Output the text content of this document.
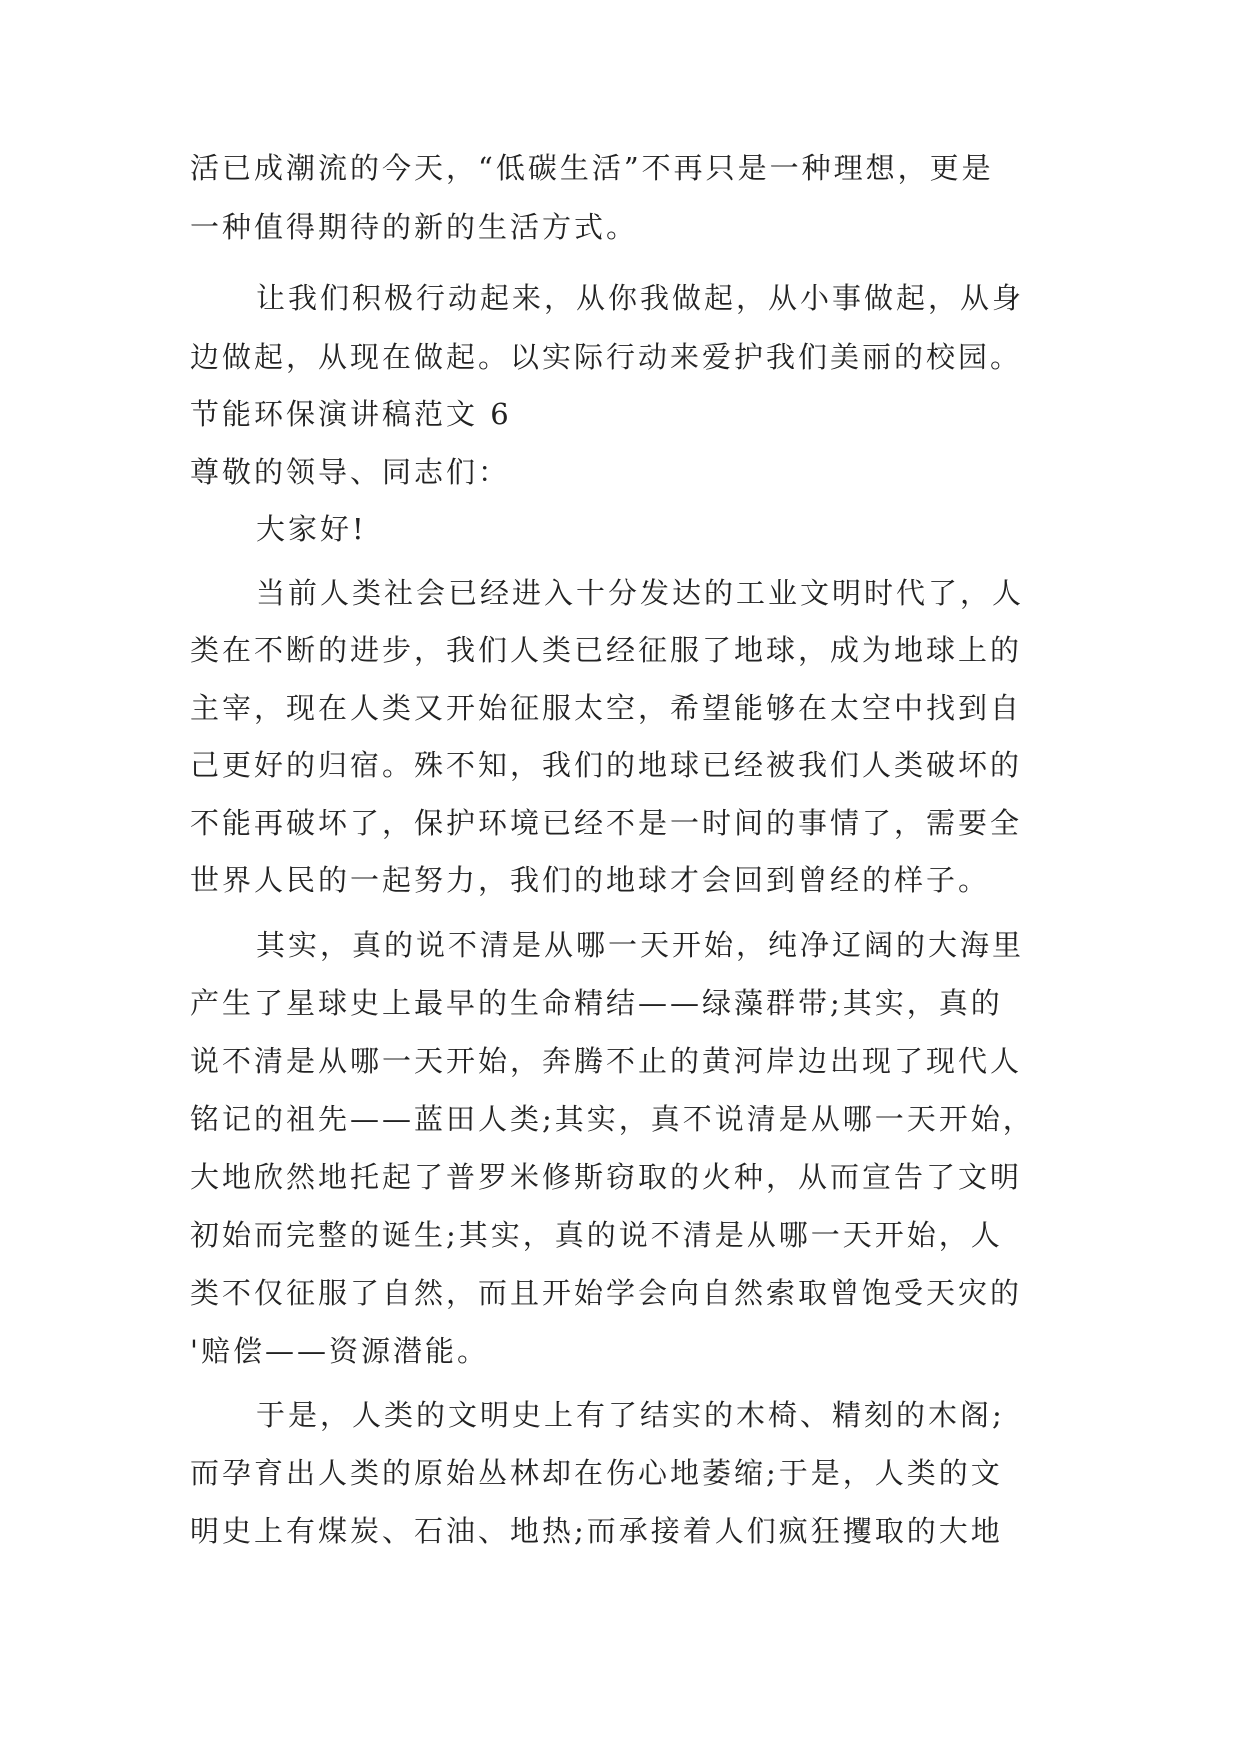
活已成潮流的今天，“低碳生活”不再只是一种理想，更是
一种值得期待的新的生活方式。
让我们积极行动起来，从你我做起，从小事做起，从身
边做起，从现在做起。以实际行动来爱护我们美丽的校园。
节能环保演讲稿范文 6
尊敬的领导、同志们：
大家好!
当前人类社会已经进入十分发达的工业文明时代了，人
类在不断的进步，我们人类已经征服了地球，成为地球上的
主宰，现在人类又开始征服太空，希望能够在太空中找到自
己更好的归宿。殊不知，我们的地球已经被我们人类破坏的
不能再破坏了，保护环境已经不是一时间的事情了，需要全
世界人民的一起努力，我们的地球才会回到曾经的样子。
其实，真的说不清是从哪一天开始，纯净辽阔的大海里
产生了星球史上最早的生命精结——绿藻群带;其实，真的
说不清是从哪一天开始，奔腾不止的黄河岸边出现了现代人
铭记的祖先——蓝田人类;其实，真不说清是从哪一天开始，
大地欣然地托起了普罗米修斯窃取的火种，从而宣告了文明
初始而完整的诞生;其实，真的说不清是从哪一天开始，人
类不仅征服了自然，而且开始学会向自然索取曾饱受天灾的
'赔偿——资源潜能。
于是，人类的文明史上有了结实的木椅、精刻的木阁;
而孕育出人类的原始丛林却在伤心地萎缩;于是，人类的文
明史上有煤炭、石油、地热;而承接着人们疯狂攫取的大地
